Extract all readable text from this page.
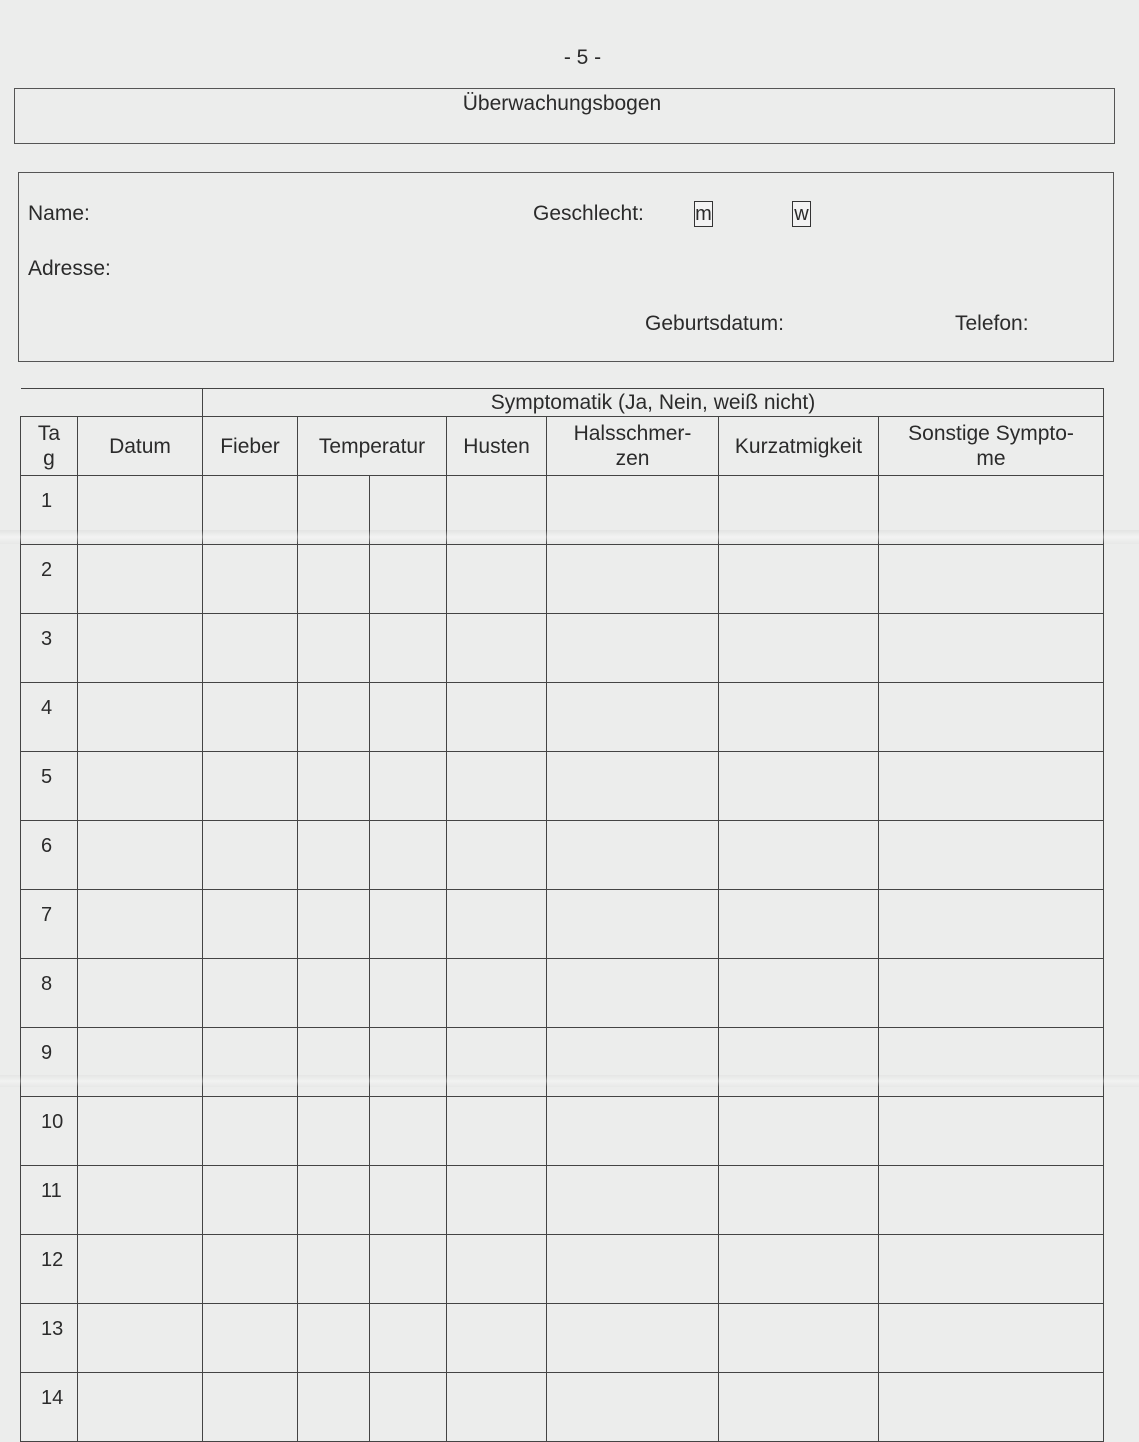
- 5 -
Überwachungsbogen
Name:	Geschlecht:	m	w
Adresse:
Geburtsdatum:	Telefon:
		Symptomatik (Ja, Nein, weiß nicht)						
Ta g	Datum	Fieber	Temperatur		Husten	Halsschmer- zen	Kurzatmigkeit	Sonstige Sympto- me
1								
2								
3								
4								
5								
6								
7								
8								
9								
10								
11								
12								
13								
14								
